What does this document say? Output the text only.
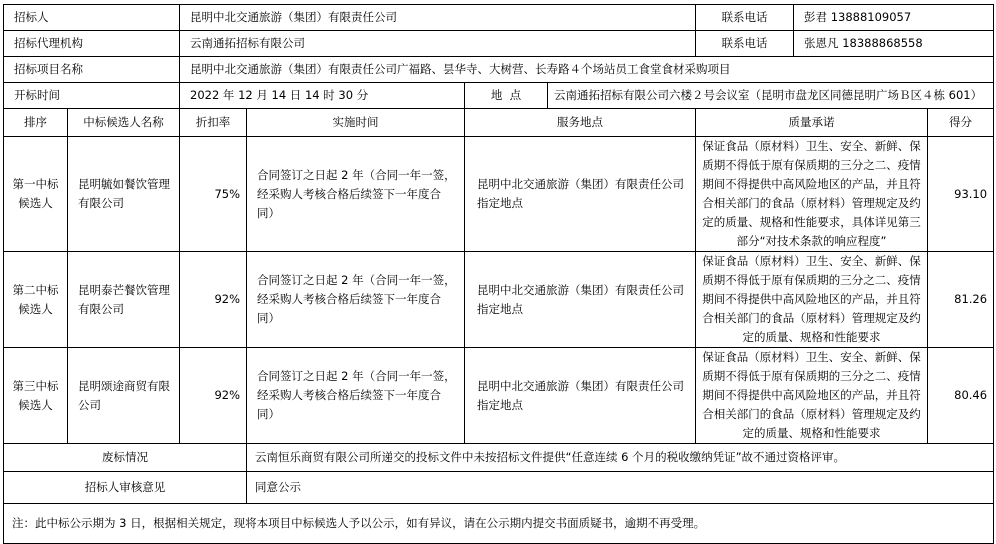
招标人		昆明中北交通旅游（集团）有限责任公司				联系电话	彭君 13888109057	
招标代理机构		云南通拓招标有限公司				联系电话	张恩凡 18388868558	
招标项目名称		昆明中北交通旅游（集团）有限责任公司广福路、昙华寺、大树营、长寿路４个场站员工食堂食材采购项目						
开标时间		2022 年 12 月 14 日 14 时 30 分		地  点	云南通拓招标有限公司六楼２号会议室（昆明市盘龙区同德昆明广场Ｂ区４栋 601）			
排序	中标候选人名称	折扣率	实施时间	服务地点		质量承诺		得分
第一中标候选人	昆明毓如餐饮管理有限公司	75%	合同签订之日起 2 年（合同一年一签，经采购人考核合格后续签下一年度合同）	昆明中北交通旅游（集团）有限责任公司指定地点		保证食品（原材料）卫生、安全、新鲜、保质期不得低于原有保质期的三分之二、疫情期间不得提供中高风险地区的产品，并且符合相关部门的食品（原材料）管理规定及约定的质量、规格和性能要求，具体详见第三部分“对技术条款的响应程度”		93.10
第二中标候选人	昆明泰芒餐饮管理有限公司	92%	合同签订之日起 2 年（合同一年一签，经采购人考核合格后续签下一年度合同）	昆明中北交通旅游（集团）有限责任公司指定地点		保证食品（原材料）卫生、安全、新鲜、保质期不得低于原有保质期的三分之二、疫情期间不得提供中高风险地区的产品，并且符合相关部门的食品（原材料）管理规定及约定的质量、规格和性能要求		81.26
第三中标候选人	昆明颂途商贸有限公司	92%	合同签订之日起 2 年（合同一年一签，经采购人考核合格后续签下一年度合同）	昆明中北交通旅游（集团）有限责任公司指定地点		保证食品（原材料）卫生、安全、新鲜、保质期不得低于原有保质期的三分之二、疫情期间不得提供中高风险地区的产品，并且符合相关部门的食品（原材料）管理规定及约定的质量、规格和性能要求		80.46
废标情况			云南恒乐商贸有限公司所递交的投标文件中未按招标文件提供“任意连续 6 个月的税收缴纳凭证”故不通过资格评审。					
招标人审核意见			同意公示					
注：此中标公示期为 3 日，根据相关规定，现将本项目中标候选人予以公示，如有异议，请在公示期内提交书面质疑书，逾期不再受理。								
